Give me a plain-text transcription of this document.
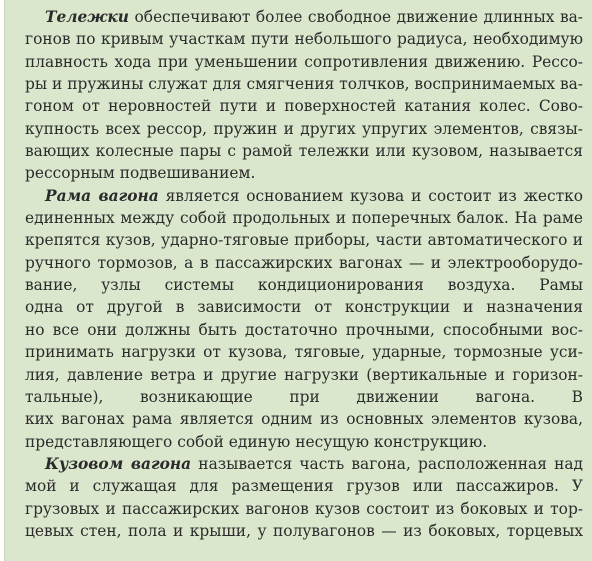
Тележки обеспечивают более свободное движение длинных ва-
гонов по кривым участкам пути небольшого радиуса, необходимую
плавность хода при уменьшении сопротивления движению. Рессо-
ры и пружины служат для смягчения толчков, воспринимаемых ва-
гоном от неровностей пути и поверхностей катания колес. Сово-
купность всех рессор, пружин и других упругих элементов, связы-
вающих колесные пары с рамой тележки или кузовом, называется
рессорным подвешиванием.
Рама вагона является основанием кузова и состоит из жестко
единенных между собой продольных и поперечных балок. На раме
крепятся кузов, ударно-тяговые приборы, части автоматического и
ручного тормозов, а в пассажирских вагонах — и электрооборудо-
вание, узлы системы кондиционирования воздуха. Рамы
одна от другой в зависимости от конструкции и назначения
но все они должны быть достаточно прочными, способными вос-
принимать нагрузки от кузова, тяговые, ударные, тормозные уси-
лия, давление ветра и другие нагрузки (вертикальные и горизон-
тальные), возникающие при движении вагона. В
ких вагонах рама является одним из основных элементов кузова,
представляющего собой единую несущую конструкцию.
Кузовом вагона называется часть вагона, расположенная над
мой и служащая для размещения грузов или пассажиров. У
грузовых и пассажирских вагонов кузов состоит из боковых и тор-
цевых стен, пола и крыши, у полувагонов — из боковых, торцевых
